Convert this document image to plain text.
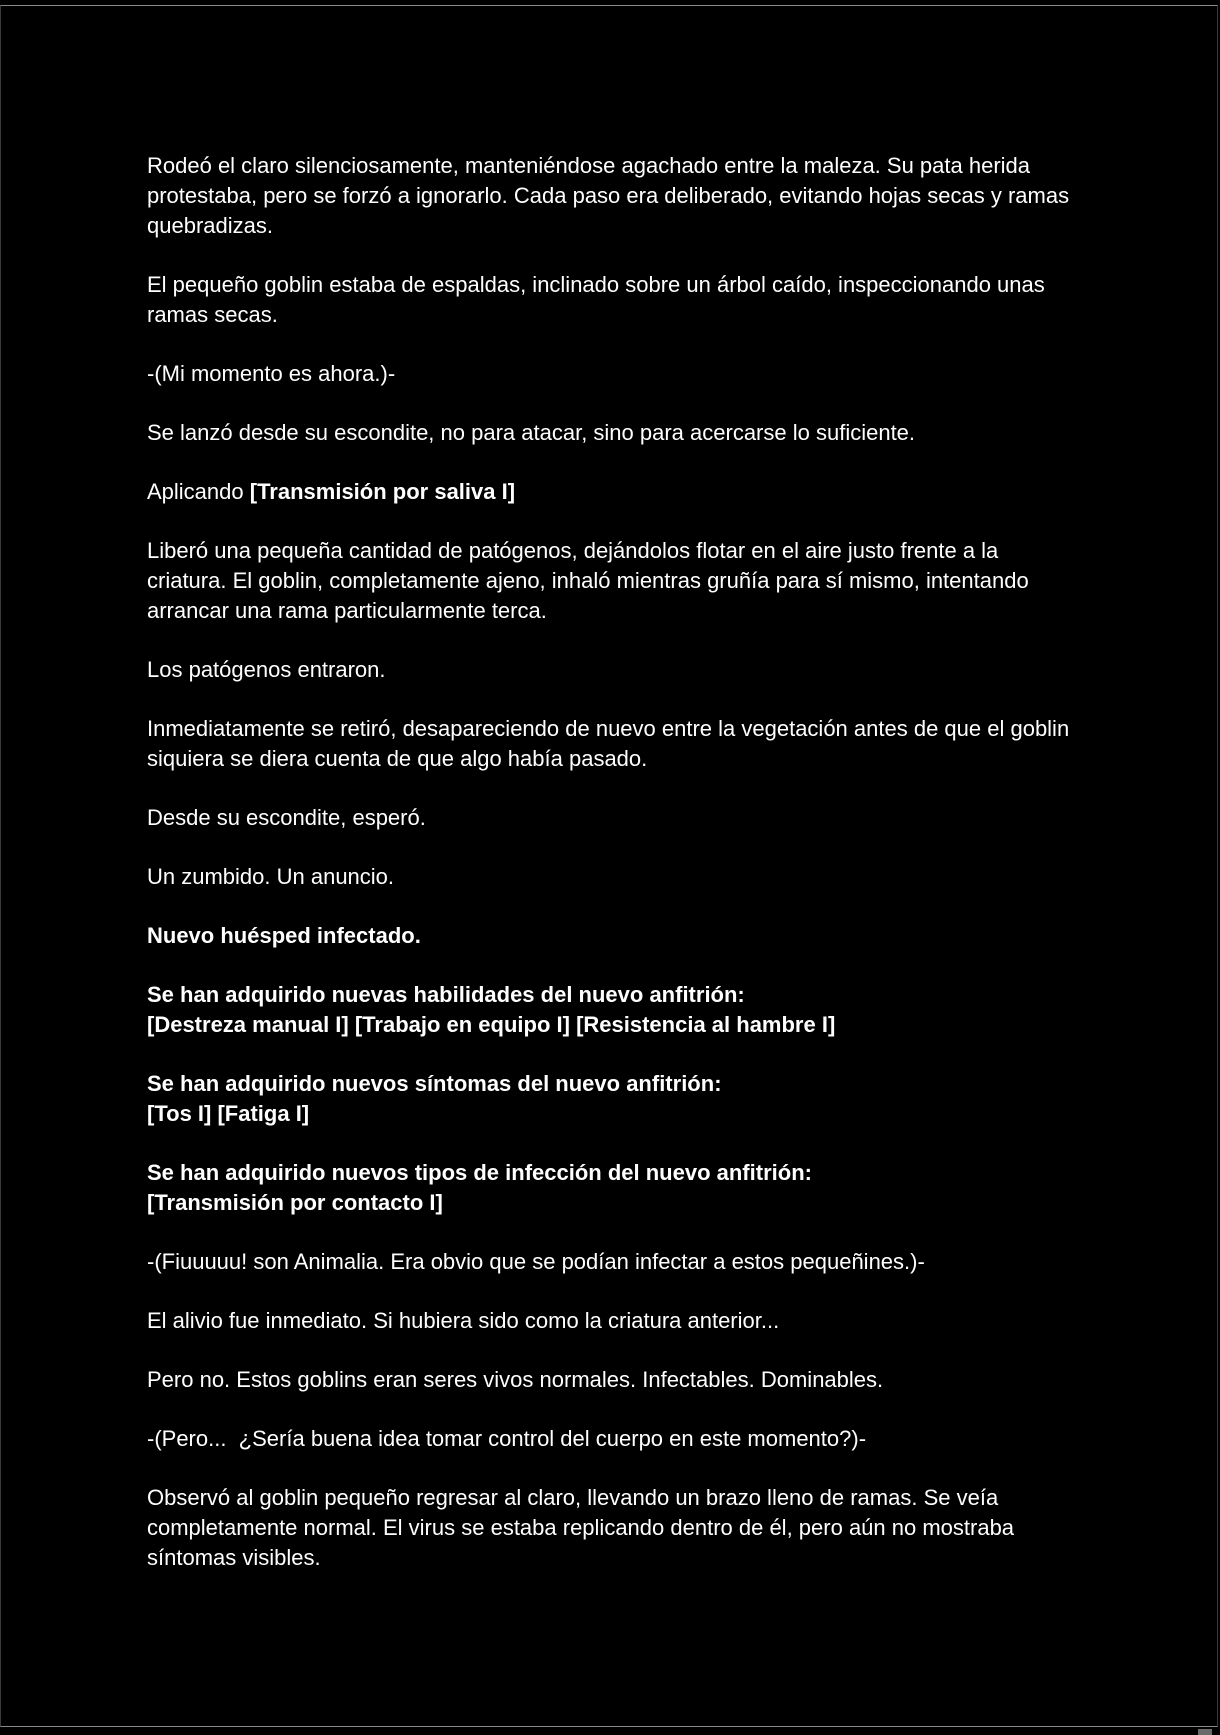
Rodeó el claro silenciosamente, manteniéndose agachado entre la maleza. Su pata herida protestaba, pero se forzó a ignorarlo. Cada paso era deliberado, evitando hojas secas y ramas quebradizas.

El pequeño goblin estaba de espaldas, inclinado sobre un árbol caído, inspeccionando unas ramas secas.

-(Mi momento es ahora.)-

Se lanzó desde su escondite, no para atacar, sino para acercarse lo suficiente.

Aplicando [Transmisión por saliva I]

Liberó una pequeña cantidad de patógenos, dejándolos flotar en el aire justo frente a la criatura. El goblin, completamente ajeno, inhaló mientras gruñía para sí mismo, intentando arrancar una rama particularmente terca.

Los patógenos entraron.

Inmediatamente se retiró, desapareciendo de nuevo entre la vegetación antes de que el goblin siquiera se diera cuenta de que algo había pasado.

Desde su escondite, esperó.

Un zumbido. Un anuncio.

Nuevo huésped infectado.

Se han adquirido nuevas habilidades del nuevo anfitrión:
[Destreza manual I] [Trabajo en equipo I] [Resistencia al hambre I]

Se han adquirido nuevos síntomas del nuevo anfitrión:
[Tos I] [Fatiga I]

Se han adquirido nuevos tipos de infección del nuevo anfitrión:
[Transmisión por contacto I]

-(Fiuuuuu! son Animalia. Era obvio que se podían infectar a estos pequeñines.)-

El alivio fue inmediato. Si hubiera sido como la criatura anterior...

Pero no. Estos goblins eran seres vivos normales. Infectables. Dominables.

-(Pero...  ¿Sería buena idea tomar control del cuerpo en este momento?)-

Observó al goblin pequeño regresar al claro, llevando un brazo lleno de ramas. Se veía completamente normal. El virus se estaba replicando dentro de él, pero aún no mostraba síntomas visibles.
